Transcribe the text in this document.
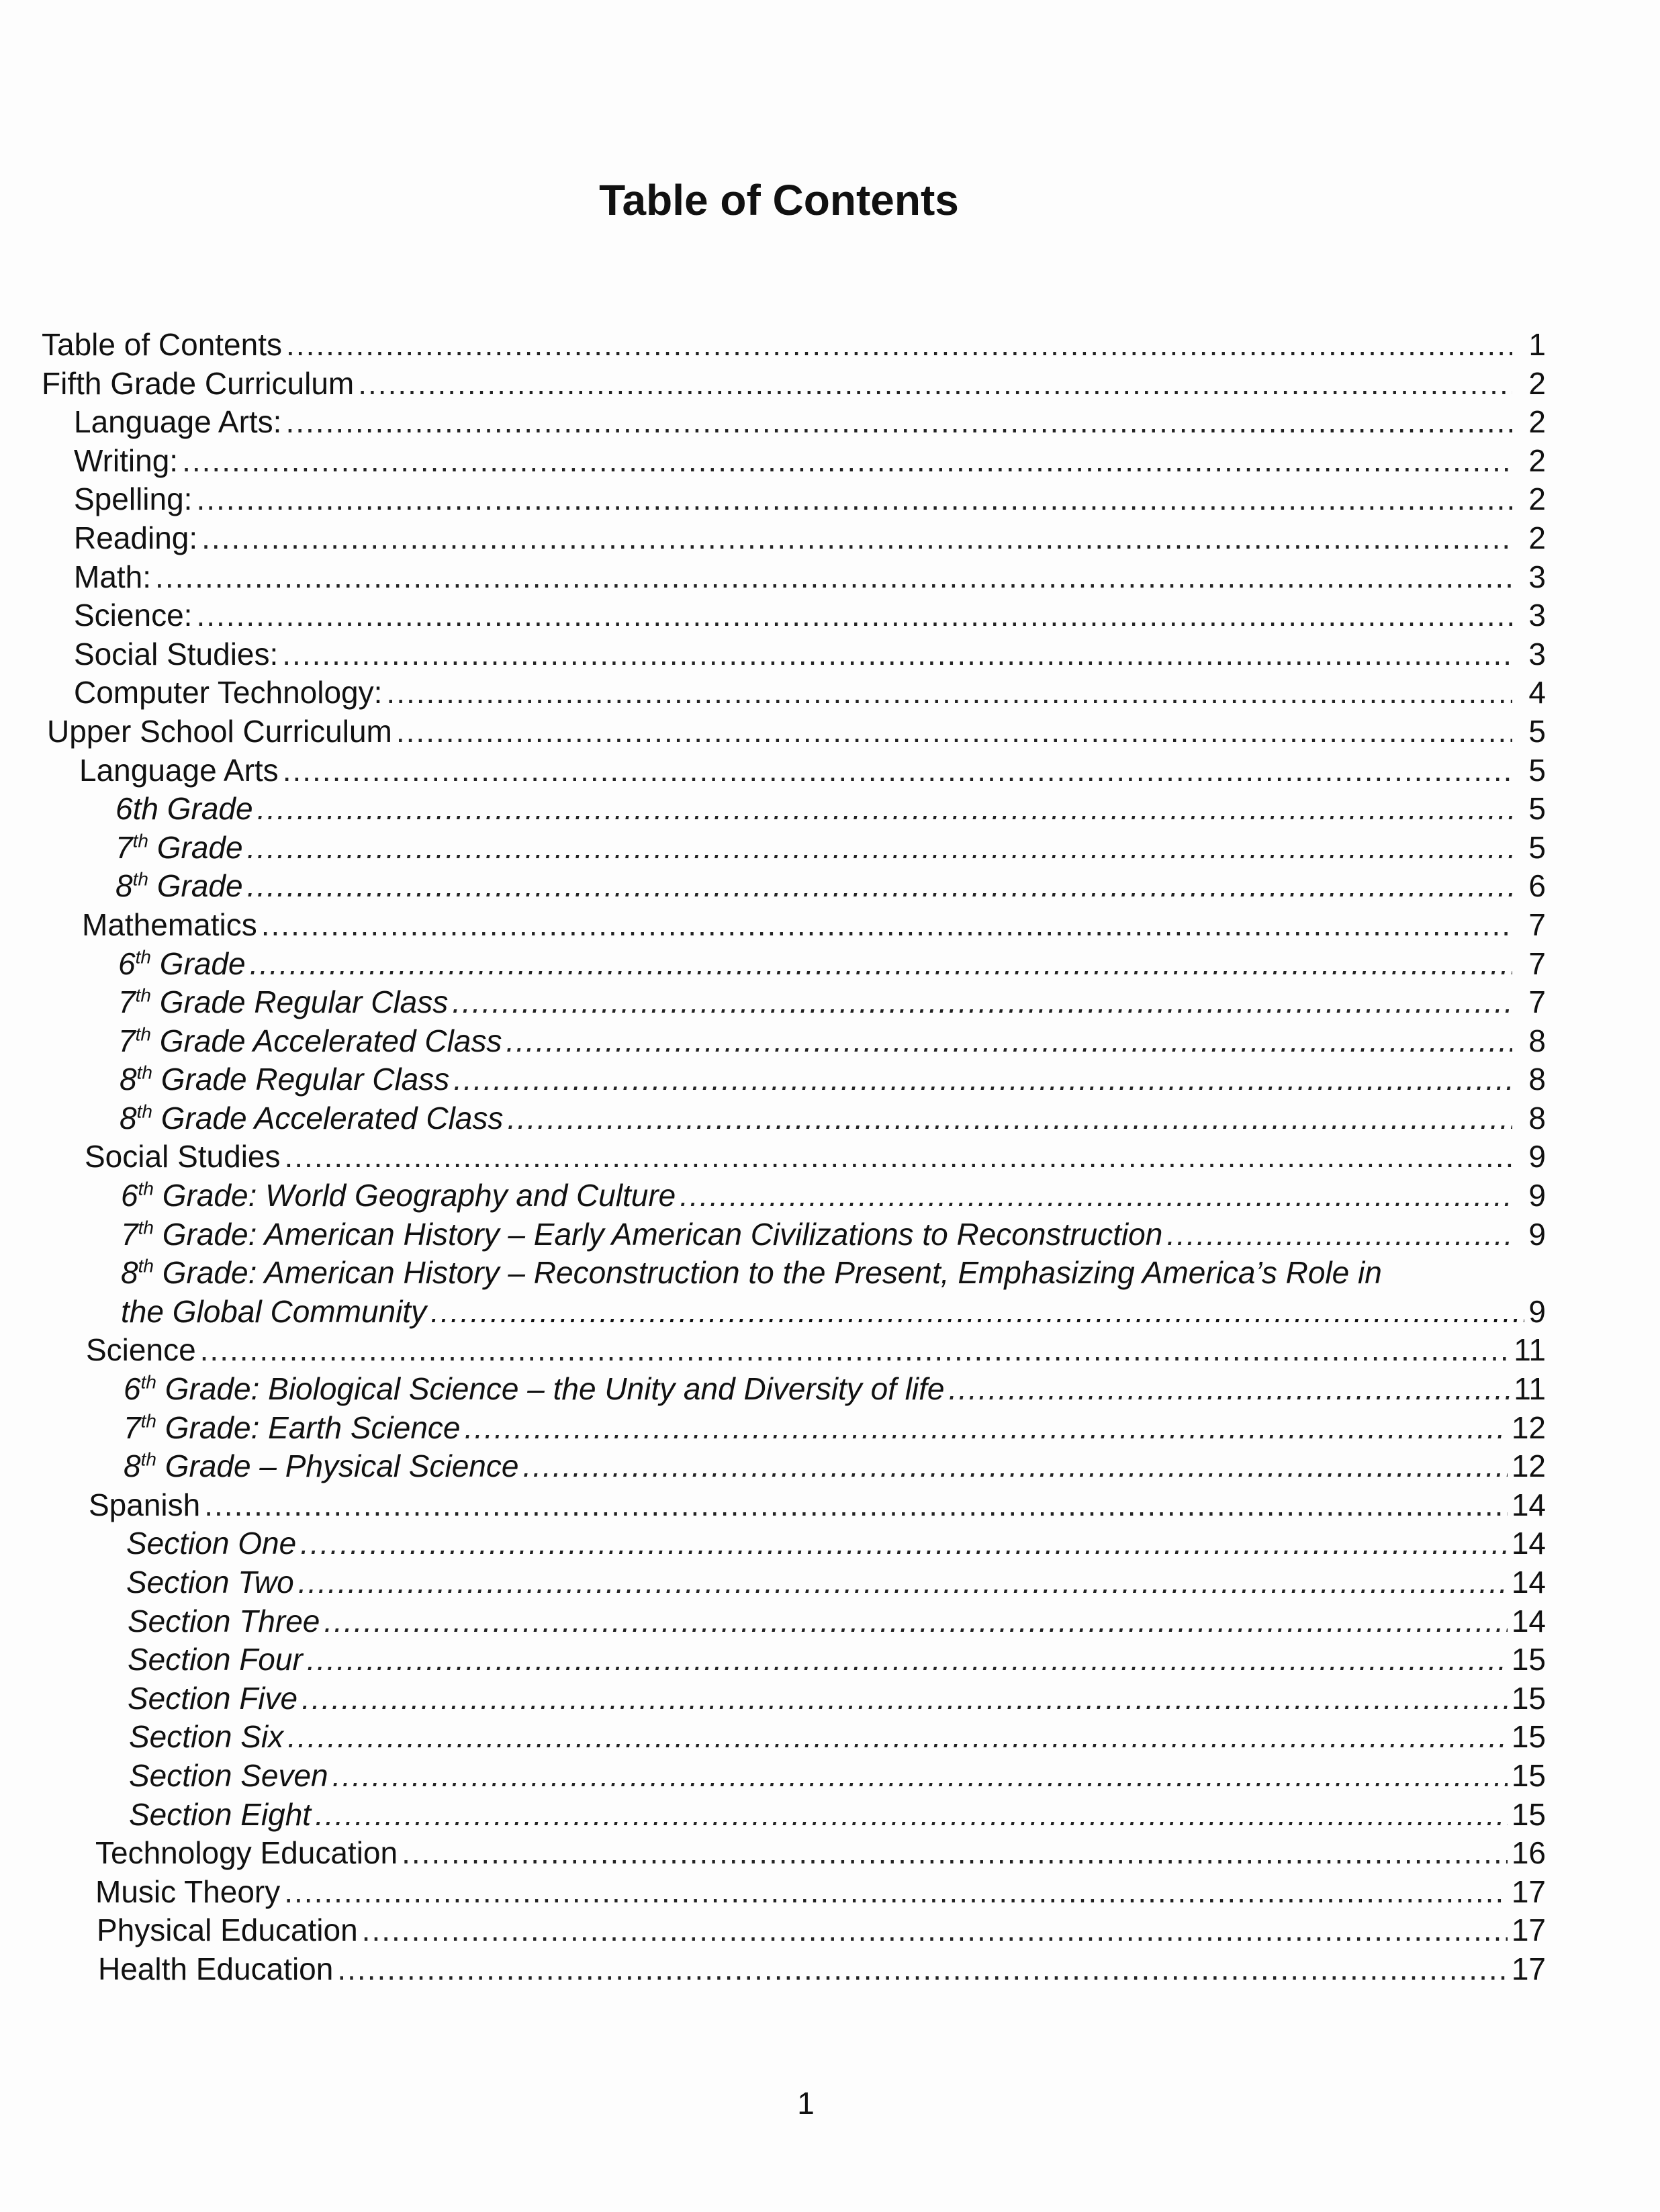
Table of Contents
Table of Contents .....	1
Fifth Grade Curriculum .....	2
Language Arts: .....	2
Writing: .....	2
Spelling: .....	2
Reading: .....	2
Math: .....	3
Science: .....	3
Social Studies: .....	3
Computer Technology: .....	4
Upper School Curriculum .....	5
Language Arts .....	5
6th Grade .....	5
7th Grade .....	5
8th Grade .....	6
Mathematics .....	7
6th Grade .....	7
7th Grade Regular Class .....	7
7th Grade Accelerated Class .....	8
8th Grade Regular Class .....	8
8th Grade Accelerated Class .....	8
Social Studies .....	9
6th Grade: World Geography and Culture .....	9
7th Grade: American History – Early American Civilizations to Reconstruction .....	9
8th Grade: American History – Reconstruction to the Present, Emphasizing America’s Role in
the Global Community .....	9
Science .....	11
6th Grade: Biological Science – the Unity and Diversity of life .....	11
7th Grade: Earth Science .....	12
8th Grade – Physical Science .....	12
Spanish .....	14
Section One .....	14
Section Two .....	14
Section Three .....	14
Section Four .....	15
Section Five .....	15
Section Six .....	15
Section Seven .....	15
Section Eight .....	15
Technology Education .....	16
Music Theory .....	17
Physical Education .....	17
Health Education .....	17
1
